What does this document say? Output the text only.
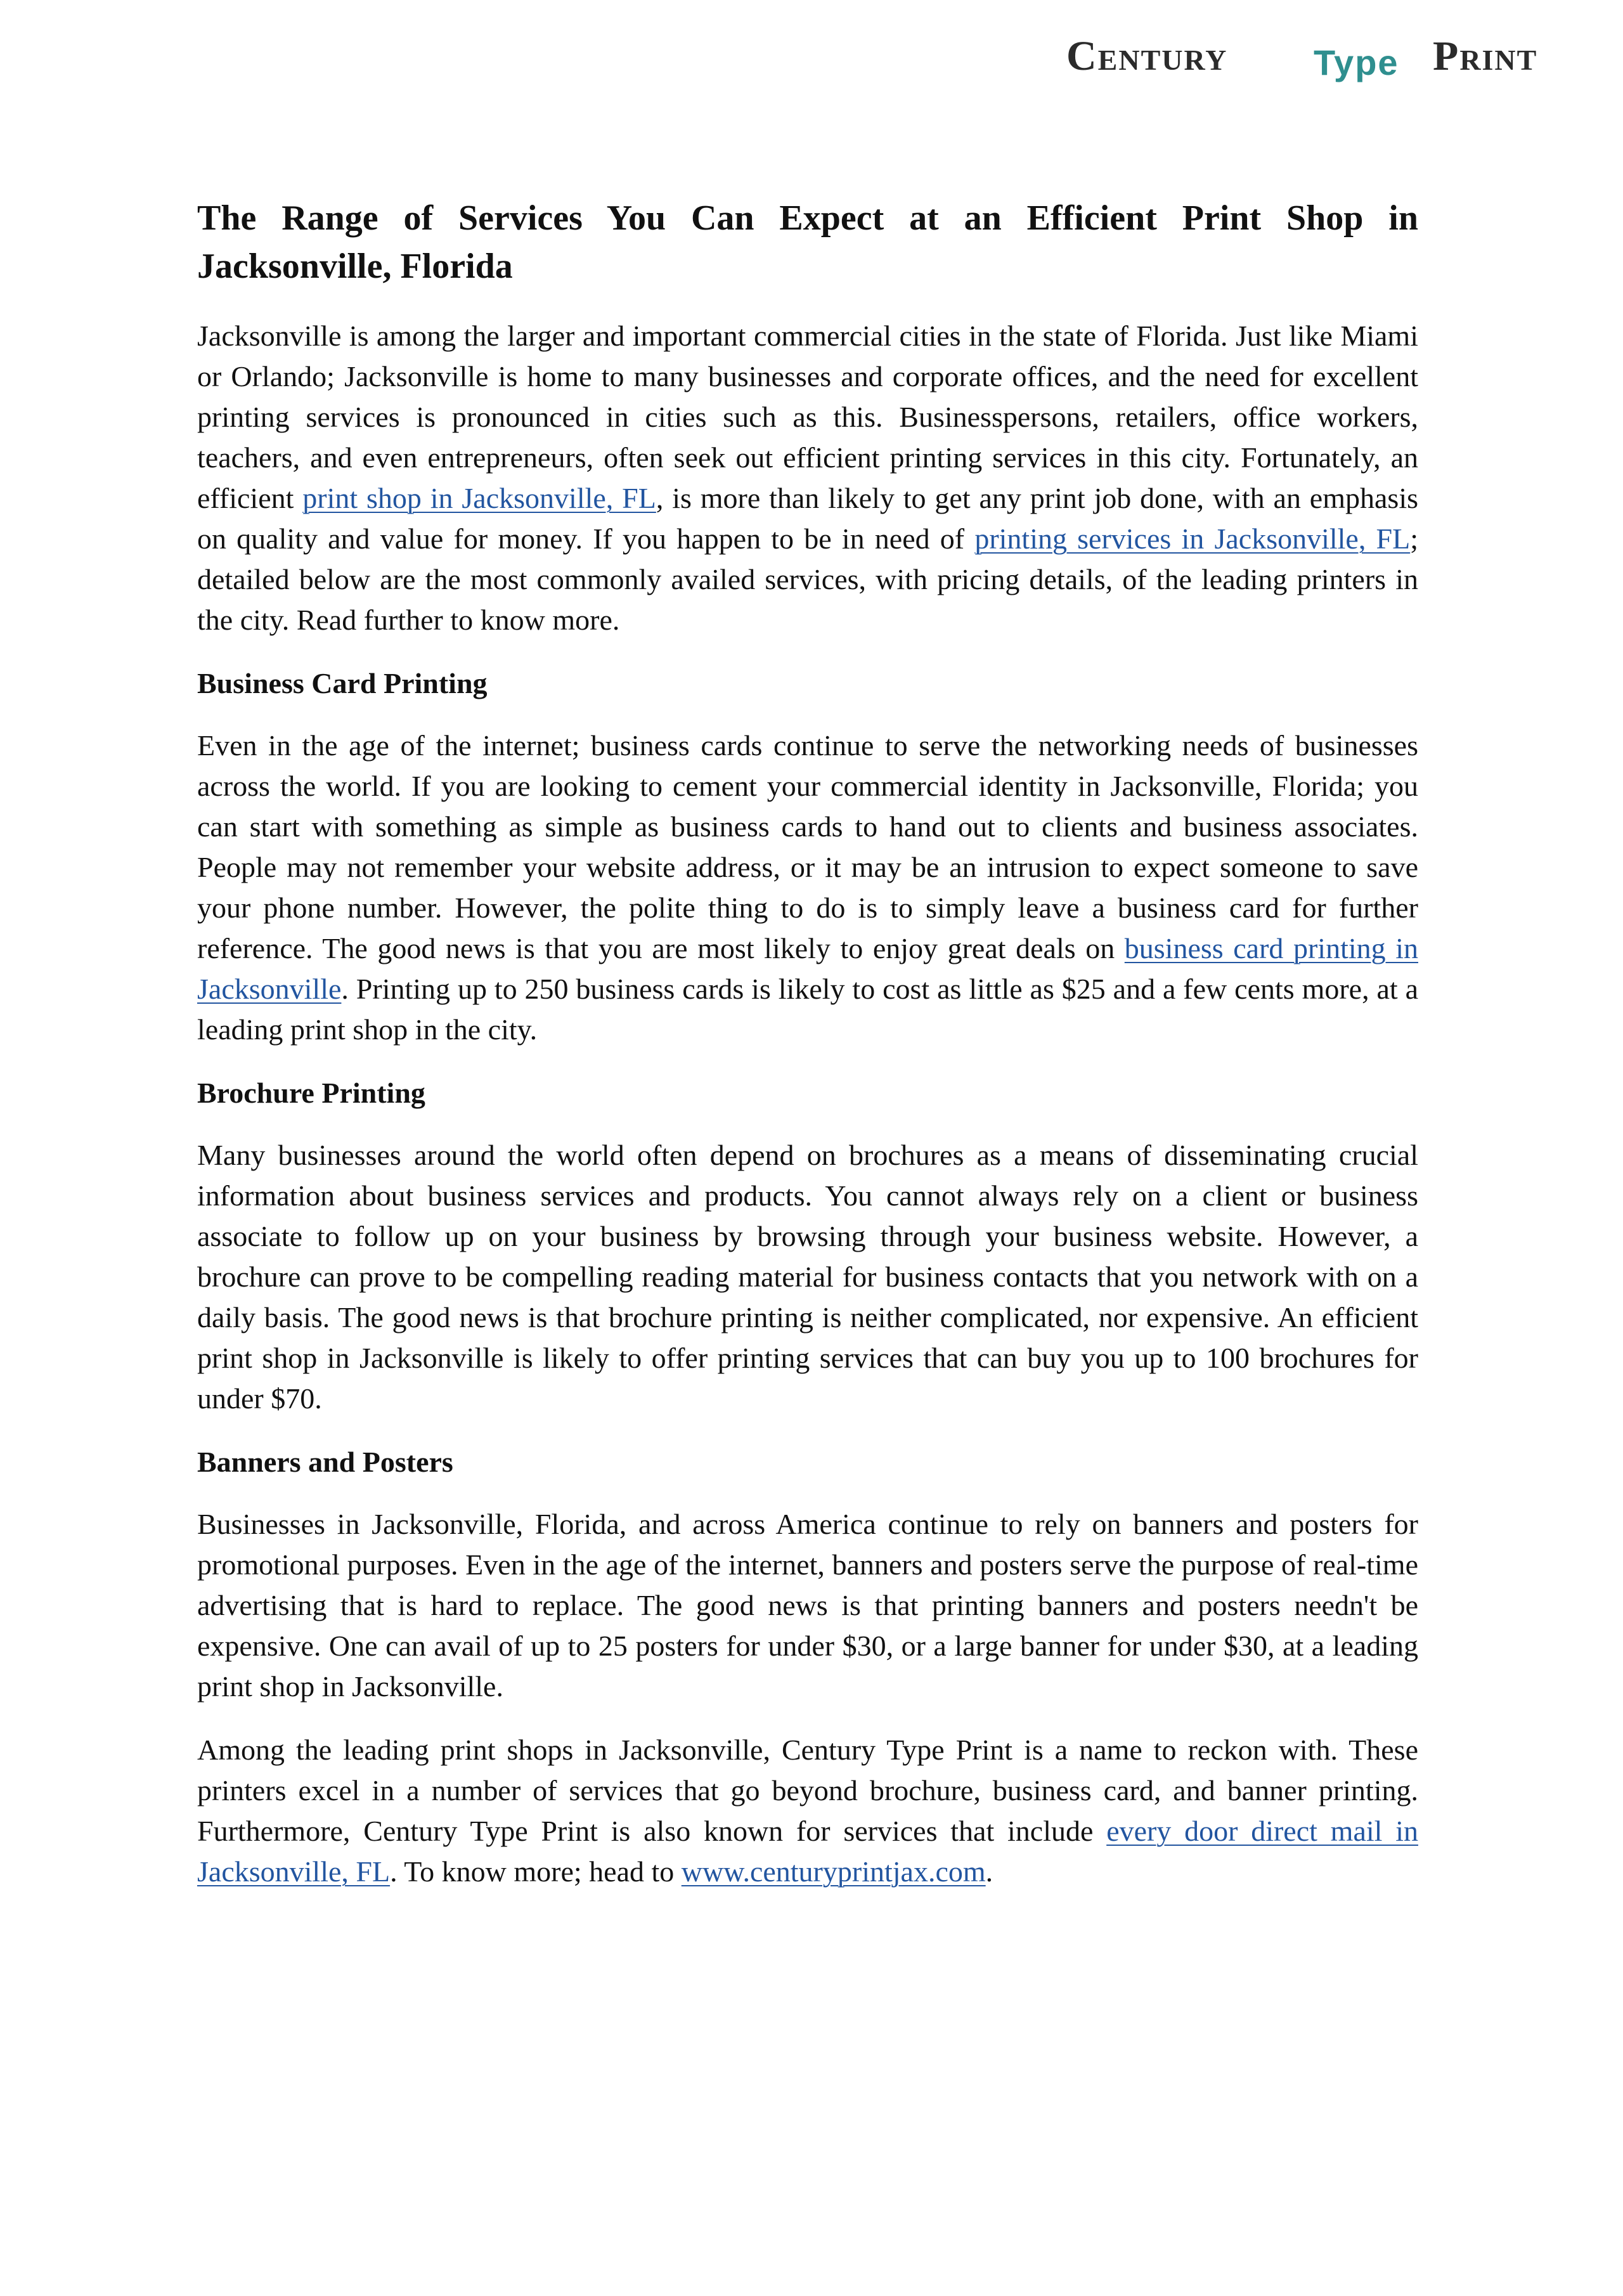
Century Type Print
The Range of Services You Can Expect at an Efficient Print Shop in Jacksonville, Florida

Jacksonville is among the larger and important commercial cities in the state of Florida. Just like Miami or Orlando; Jacksonville is home to many businesses and corporate offices, and the need for excellent printing services is pronounced in cities such as this. Businesspersons, retailers, office workers, teachers, and even entrepreneurs, often seek out efficient printing services in this city. Fortunately, an efficient print shop in Jacksonville, FL, is more than likely to get any print job done, with an emphasis on quality and value for money. If you happen to be in need of printing services in Jacksonville, FL; detailed below are the most commonly availed services, with pricing details, of the leading printers in the city. Read further to know more.

Business Card Printing

Even in the age of the internet; business cards continue to serve the networking needs of businesses across the world. If you are looking to cement your commercial identity in Jacksonville, Florida; you can start with something as simple as business cards to hand out to clients and business associates. People may not remember your website address, or it may be an intrusion to expect someone to save your phone number. However, the polite thing to do is to simply leave a business card for further reference. The good news is that you are most likely to enjoy great deals on business card printing in Jacksonville. Printing up to 250 business cards is likely to cost as little as $25 and a few cents more, at a leading print shop in the city.

Brochure Printing

Many businesses around the world often depend on brochures as a means of disseminating crucial information about business services and products. You cannot always rely on a client or business associate to follow up on your business by browsing through your business website. However, a brochure can prove to be compelling reading material for business contacts that you network with on a daily basis. The good news is that brochure printing is neither complicated, nor expensive. An efficient print shop in Jacksonville is likely to offer printing services that can buy you up to 100 brochures for under $70.

Banners and Posters

Businesses in Jacksonville, Florida, and across America continue to rely on banners and posters for promotional purposes. Even in the age of the internet, banners and posters serve the purpose of real-time advertising that is hard to replace. The good news is that printing banners and posters needn't be expensive. One can avail of up to 25 posters for under $30, or a large banner for under $30, at a leading print shop in Jacksonville.

Among the leading print shops in Jacksonville, Century Type Print is a name to reckon with. These printers excel in a number of services that go beyond brochure, business card, and banner printing. Furthermore, Century Type Print is also known for services that include every door direct mail in Jacksonville, FL. To know more; head to www.centuryprintjax.com.
